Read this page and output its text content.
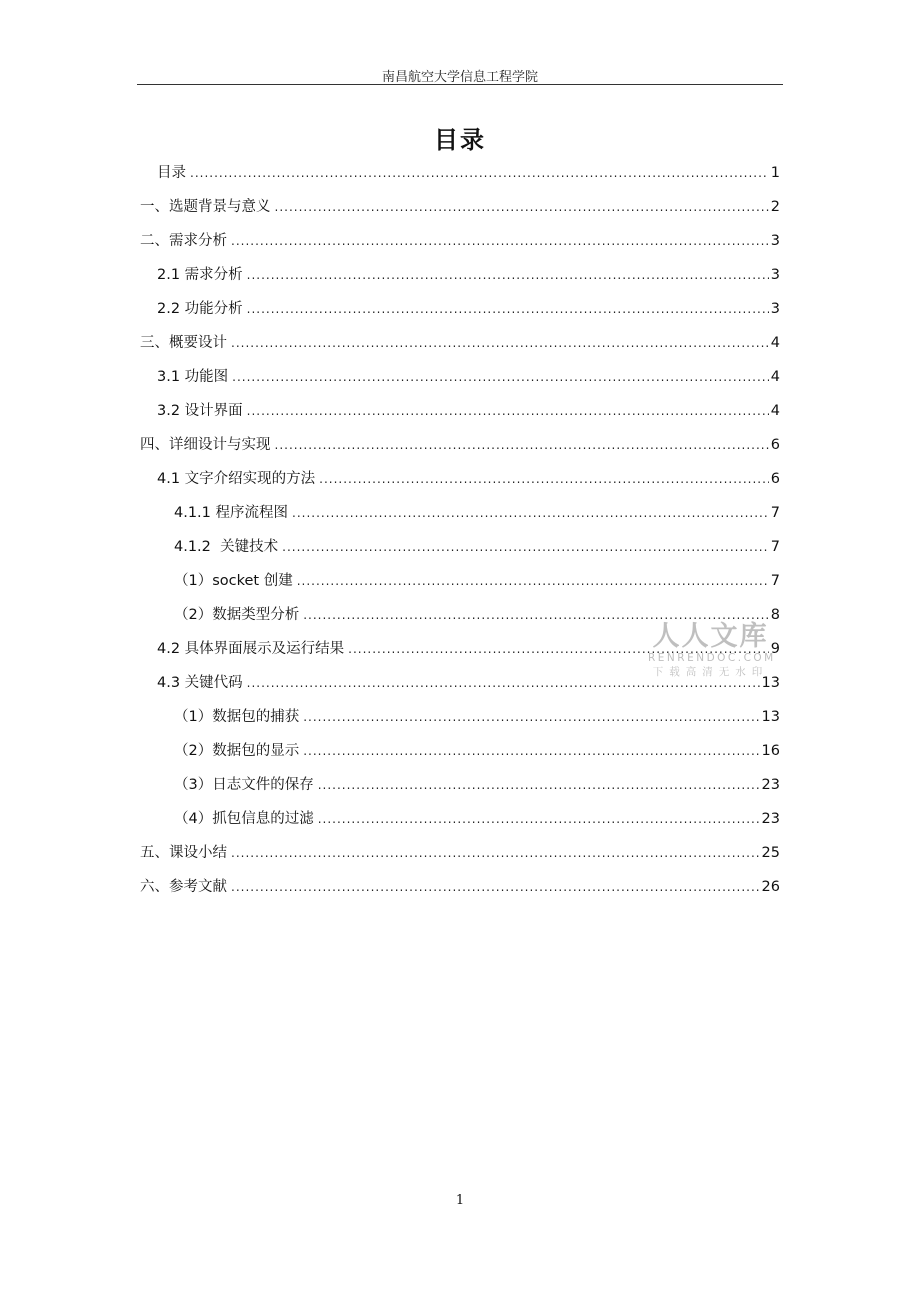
南昌航空大学信息工程学院
目录
目录 .....	1
一、选题背景与意义 .....	2
二、需求分析 .....	3
2.1 需求分析 .....	3
2.2 功能分析 .....	3
三、概要设计 .....	4
3.1 功能图 .....	4
3.2 设计界面 .....	4
四、详细设计与实现 .....	6
4.1 文字介绍实现的方法 .....	6
4.1.1 程序流程图 .....	7
4.1.2  关键技术 .....	7
（1）socket 创建 .....	7
（2）数据类型分析 .....	8
4.2 具体界面展示及运行结果 .....	9
4.3 关键代码 .....	13
（1）数据包的捕获 .....	13
（2）数据包的显示 .....	16
（3）日志文件的保存 .....	23
（4）抓包信息的过滤 .....	23
五、课设小结 .....	25
六、参考文献 .....	26
人人文库
RENRENDOC.COM
下载高清无水印
1
